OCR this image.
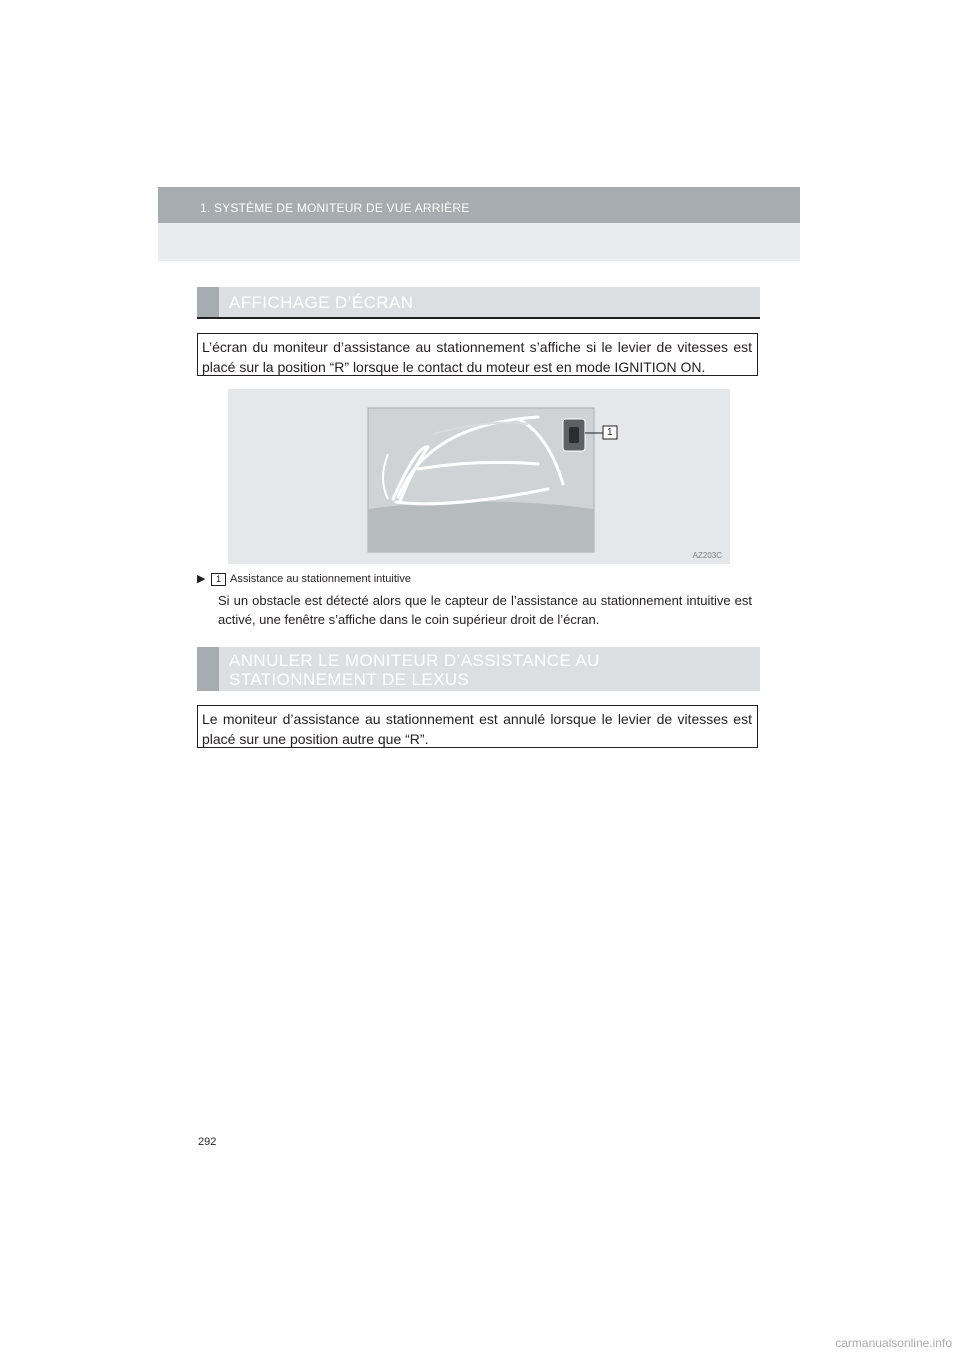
1. SYSTÈME DE MONITEUR DE VUE ARRIÈRE
AFFICHAGE D’ÉCRAN
L’écran du moniteur d’assistance au stationnement s’affiche si le levier de vitesses est placé sur la position “R” lorsque le contact du moteur est en mode IGNITION ON.
1
AZ203C
▶ 1 Assistance au stationnement intuitive
Si un obstacle est détecté alors que le capteur de l’assistance au stationnement intuitive est activé, une fenêtre s’affiche dans le coin supérieur droit de l’écran.
ANNULER LE MONITEUR D’ASSISTANCE AU STATIONNEMENT DE LEXUS
Le moniteur d’assistance au stationnement est annulé lorsque le levier de vitesses est placé sur une position autre que “R”.
292
carmanualsonline.info
